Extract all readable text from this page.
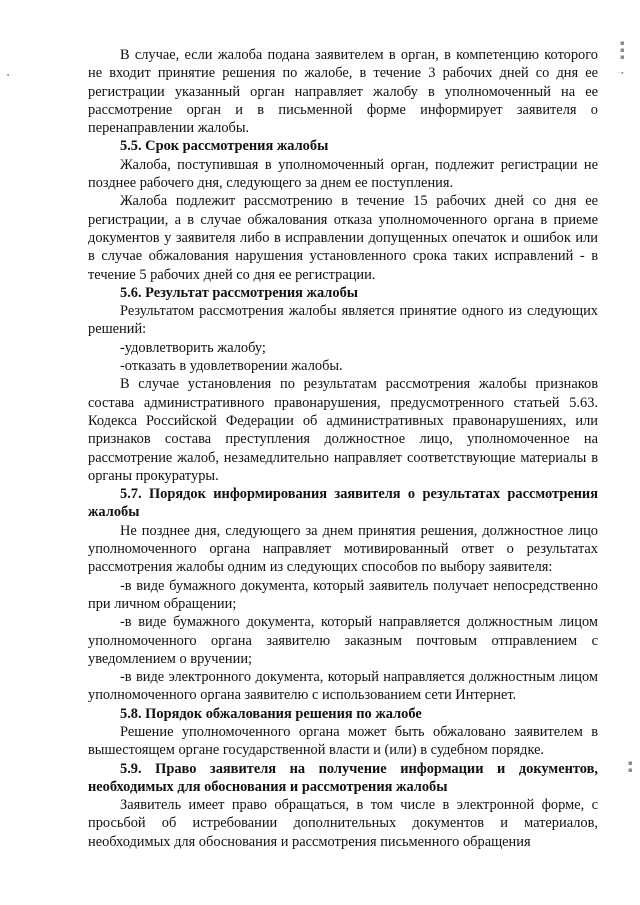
▪
▪
▪
·∙
∙
▪
▪

В случае, если жалоба подана заявителем в орган, в компетенцию которого не входит принятие решения по жалобе, в течение 3 рабочих дней со дня ее регистрации указанный орган направляет жалобу в уполномоченный на ее рассмотрение орган и в письменной форме информирует заявителя о перенаправлении жалобы.

5.5. Срок рассмотрения жалобы

Жалоба, поступившая в уполномоченный орган, подлежит регистрации не позднее рабочего дня, следующего за днем ее поступления.

Жалоба подлежит рассмотрению в течение 15 рабочих дней со дня ее регистрации, а в случае обжалования отказа уполномоченного органа в приеме документов у заявителя либо в исправлении допущенных опечаток и ошибок или в случае обжалования нарушения установленного срока таких исправлений - в течение 5 рабочих дней со дня ее регистрации.

5.6. Результат рассмотрения жалобы

Результатом рассмотрения жалобы является принятие одного из следующих решений:

-удовлетворить жалобу;

-отказать в удовлетворении жалобы.

В случае установления по результатам рассмотрения жалобы признаков состава административного правонарушения, предусмотренного статьей 5.63. Кодекса Российской Федерации об административных правонарушениях, или признаков состава преступления должностное лицо, уполномоченное на рассмотрение жалоб, незамедлительно направляет соответствующие материалы в органы прокуратуры.

5.7. Порядок информирования заявителя о результатах рассмотрения жалобы

Не позднее дня, следующего за днем принятия решения, должностное лицо уполномоченного органа направляет мотивированный ответ о результатах рассмотрения жалобы одним из следующих способов по выбору заявителя:

-в виде бумажного документа, который заявитель получает непосредственно при личном обращении;

-в виде бумажного документа, который направляется должностным лицом уполномоченного органа заявителю заказным почтовым отправлением с уведомлением о вручении;

-в виде электронного документа, который направляется должностным лицом уполномоченного органа заявителю с использованием сети Интернет.

5.8. Порядок обжалования решения по жалобе

Решение уполномоченного органа может быть обжаловано заявителем в вышестоящем органе государственной власти и (или) в судебном порядке.

5.9. Право заявителя на получение информации и документов, необходимых для обоснования и рассмотрения жалобы

Заявитель имеет право обращаться, в том числе в электронной форме, с просьбой об истребовании дополнительных документов и материалов, необходимых для обоснования и рассмотрения письменного обращения
